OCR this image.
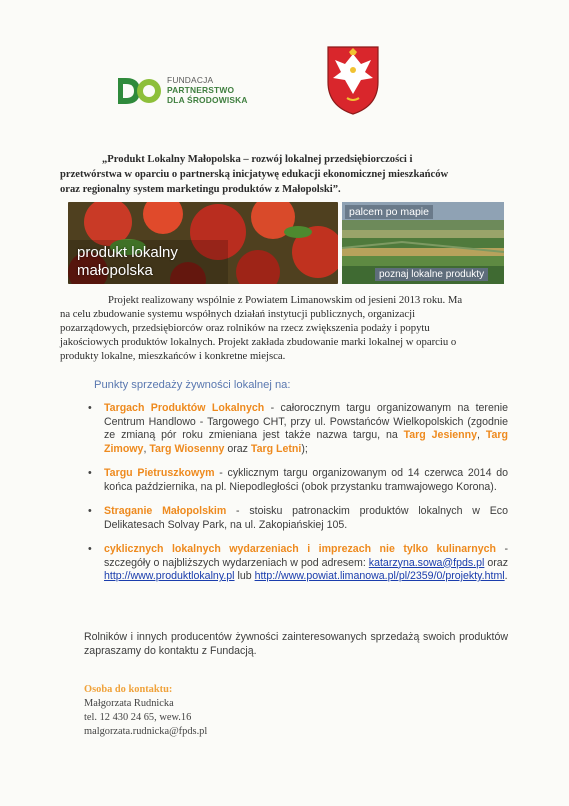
FUNDACJA
PARTNERSTWO
DLA ŚRODOWISKA
„Produkt Lokalny Małopolska – rozwój lokalnej przedsiębiorczości i
przetwórstwa w oparciu o partnerską inicjatywę edukacji ekonomicznej mieszkańców
oraz regionalny system marketingu produktów z Małopolski”.
produkt lokalny
małopolska
palcem po mapie
poznaj lokalne produkty
Projekt realizowany wspólnie z Powiatem Limanowskim od jesieni 2013 roku. Ma
na celu zbudowanie systemu współnych działań instytucji publicznych, organizacji
pozarządowych, przedsiębiorców oraz rolników na rzecz zwiększenia podaży i popytu
jakościowych produktów lokalnych. Projekt zakłada zbudowanie marki lokalnej w oparciu o
produkty lokalne, mieszkańców i konkretne miejsca.
Punkty sprzedaży żywności lokalnej na:
• Targach Produktów Lokalnych - całorocznym targu organizowanym na terenie Centrum Handlowo - Targowego CHT, przy ul. Powstańców Wielkopolskich (zgodnie ze zmianą pór roku zmieniana jest także nazwa targu, na Targ Jesienny, Targ Zimowy, Targ Wiosenny oraz Targ Letni);
• Targu Pietruszkowym - cyklicznym targu organizowanym od 14 czerwca 2014 do końca października, na pl. Niepodległości (obok przystanku tramwajowego Korona).
• Straganie Małopolskim - stoisku patronackim produktów lokalnych w Eco Delikatesach Solvay Park, na ul. Zakopiańskiej 105.
• cyklicznych lokalnych wydarzeniach i imprezach nie tylko kulinarnych - szczegóły o najbliższych wydarzeniach w pod adresem: katarzyna.sowa@fpds.pl oraz http://www.produktlokalny.pl lub http://www.powiat.limanowa.pl/pl/2359/0/projekty.html.
Rolników i innych producentów żywności zainteresowanych sprzedażą swoich produktów zapraszamy do kontaktu z Fundacją.
Osoba do kontaktu:
Małgorzata Rudnicka
tel. 12 430 24 65, wew.16
malgorzata.rudnicka@fpds.pl
